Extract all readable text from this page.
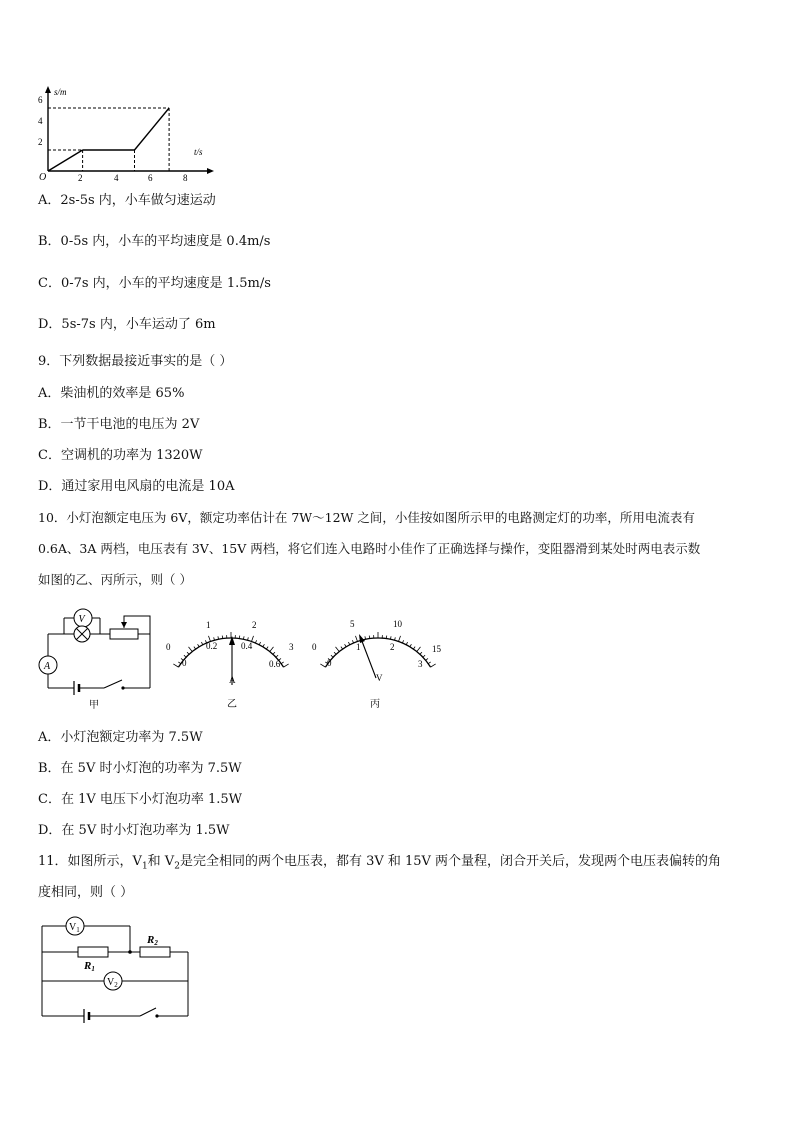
s/m
t/s
O
2
4
6
2	4	6	8
A．2s-5s 内，小车做匀速运动
B．0-5s 内，小车的平均速度是 0.4m/s
C．0-7s 内，小车的平均速度是 1.5m/s
D．5s-7s 内，小车运动了 6m
9．下列数据最接近事实的是（ ）
A．柴油机的效率是 65%
B．一节干电池的电压为 2V
C．空调机的功率为 1320W
D．通过家用电风扇的电流是 10A
10．小灯泡额定电压为 6V，额定功率估计在 7W～12W 之间，小佳按如图所示甲的电路测定灯的功率，所用电流表有
0.6A、3A 两档，电压表有 3V、15V 两档，将它们连入电路时小佳作了正确选择与操作，变阻器滑到某处时两电表示数
如图的乙、丙所示，则（ ）
V
A
甲
0
1	2
3
0
0.2	0.4
0.6
A
乙
0
5	10
15
0
1	2
3
V
丙
A．小灯泡额定功率为 7.5W
B．在 5V 时小灯泡的功率为 7.5W
C．在 1V 电压下小灯泡功率 1.5W
D．在 5V 时小灯泡功率为 1.5W
11．如图所示，$V_1$和 $V_2$是完全相同的两个电压表，都有 3V 和 15V 两个量程，闭合开关后，发现两个电压表偏转的角
度相同，则（ ）
$V_1$
R2
R1
$V_2$
